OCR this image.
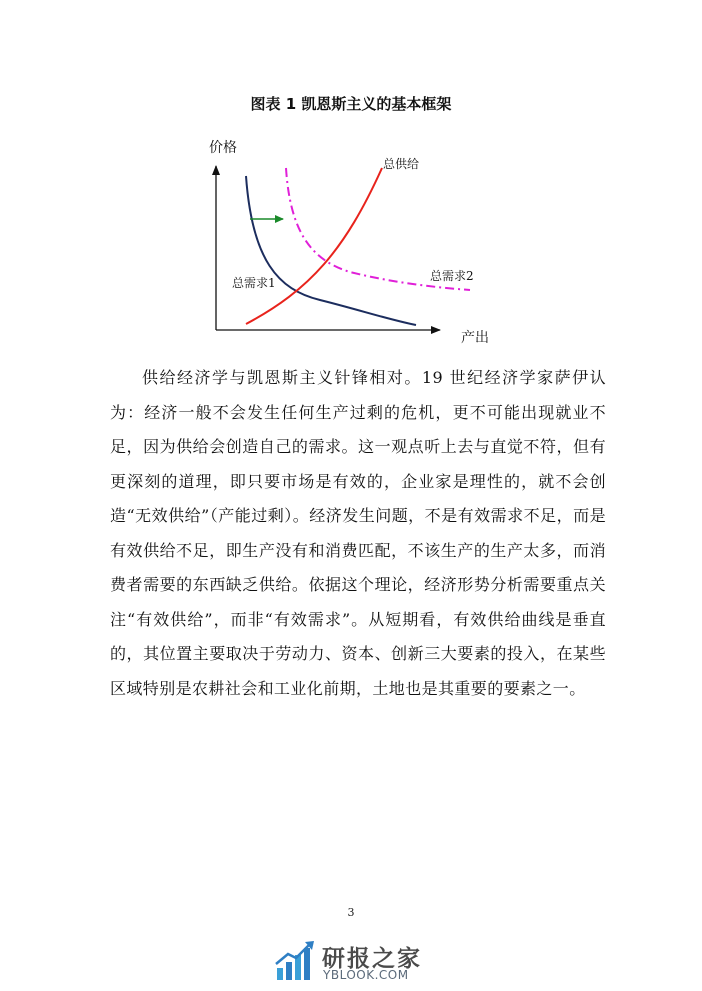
图表 1 凯恩斯主义的基本框架
价格
产出
总供给
总需求1	总需求2

供给经济学与凯恩斯主义针锋相对。19 世纪经济学家萨伊认为：经济一般不会发生任何生产过剩的危机，更不可能出现就业不足，因为供给会创造自己的需求。这一观点听上去与直觉不符，但有更深刻的道理，即只要市场是有效的，企业家是理性的，就不会创造“无效供给”（产能过剩）。经济发生问题，不是有效需求不足，而是有效供给不足，即生产没有和消费匹配，不该生产的生产太多，而消费者需要的东西缺乏供给。依据这个理论，经济形势分析需要重点关注“有效供给”，而非“有效需求”。从短期看，有效供给曲线是垂直的，其位置主要取决于劳动力、资本、创新三大要素的投入，在某些区域特别是农耕社会和工业化前期，土地也是其重要的要素之一。

3
研报之家
YBLOOK.COM
